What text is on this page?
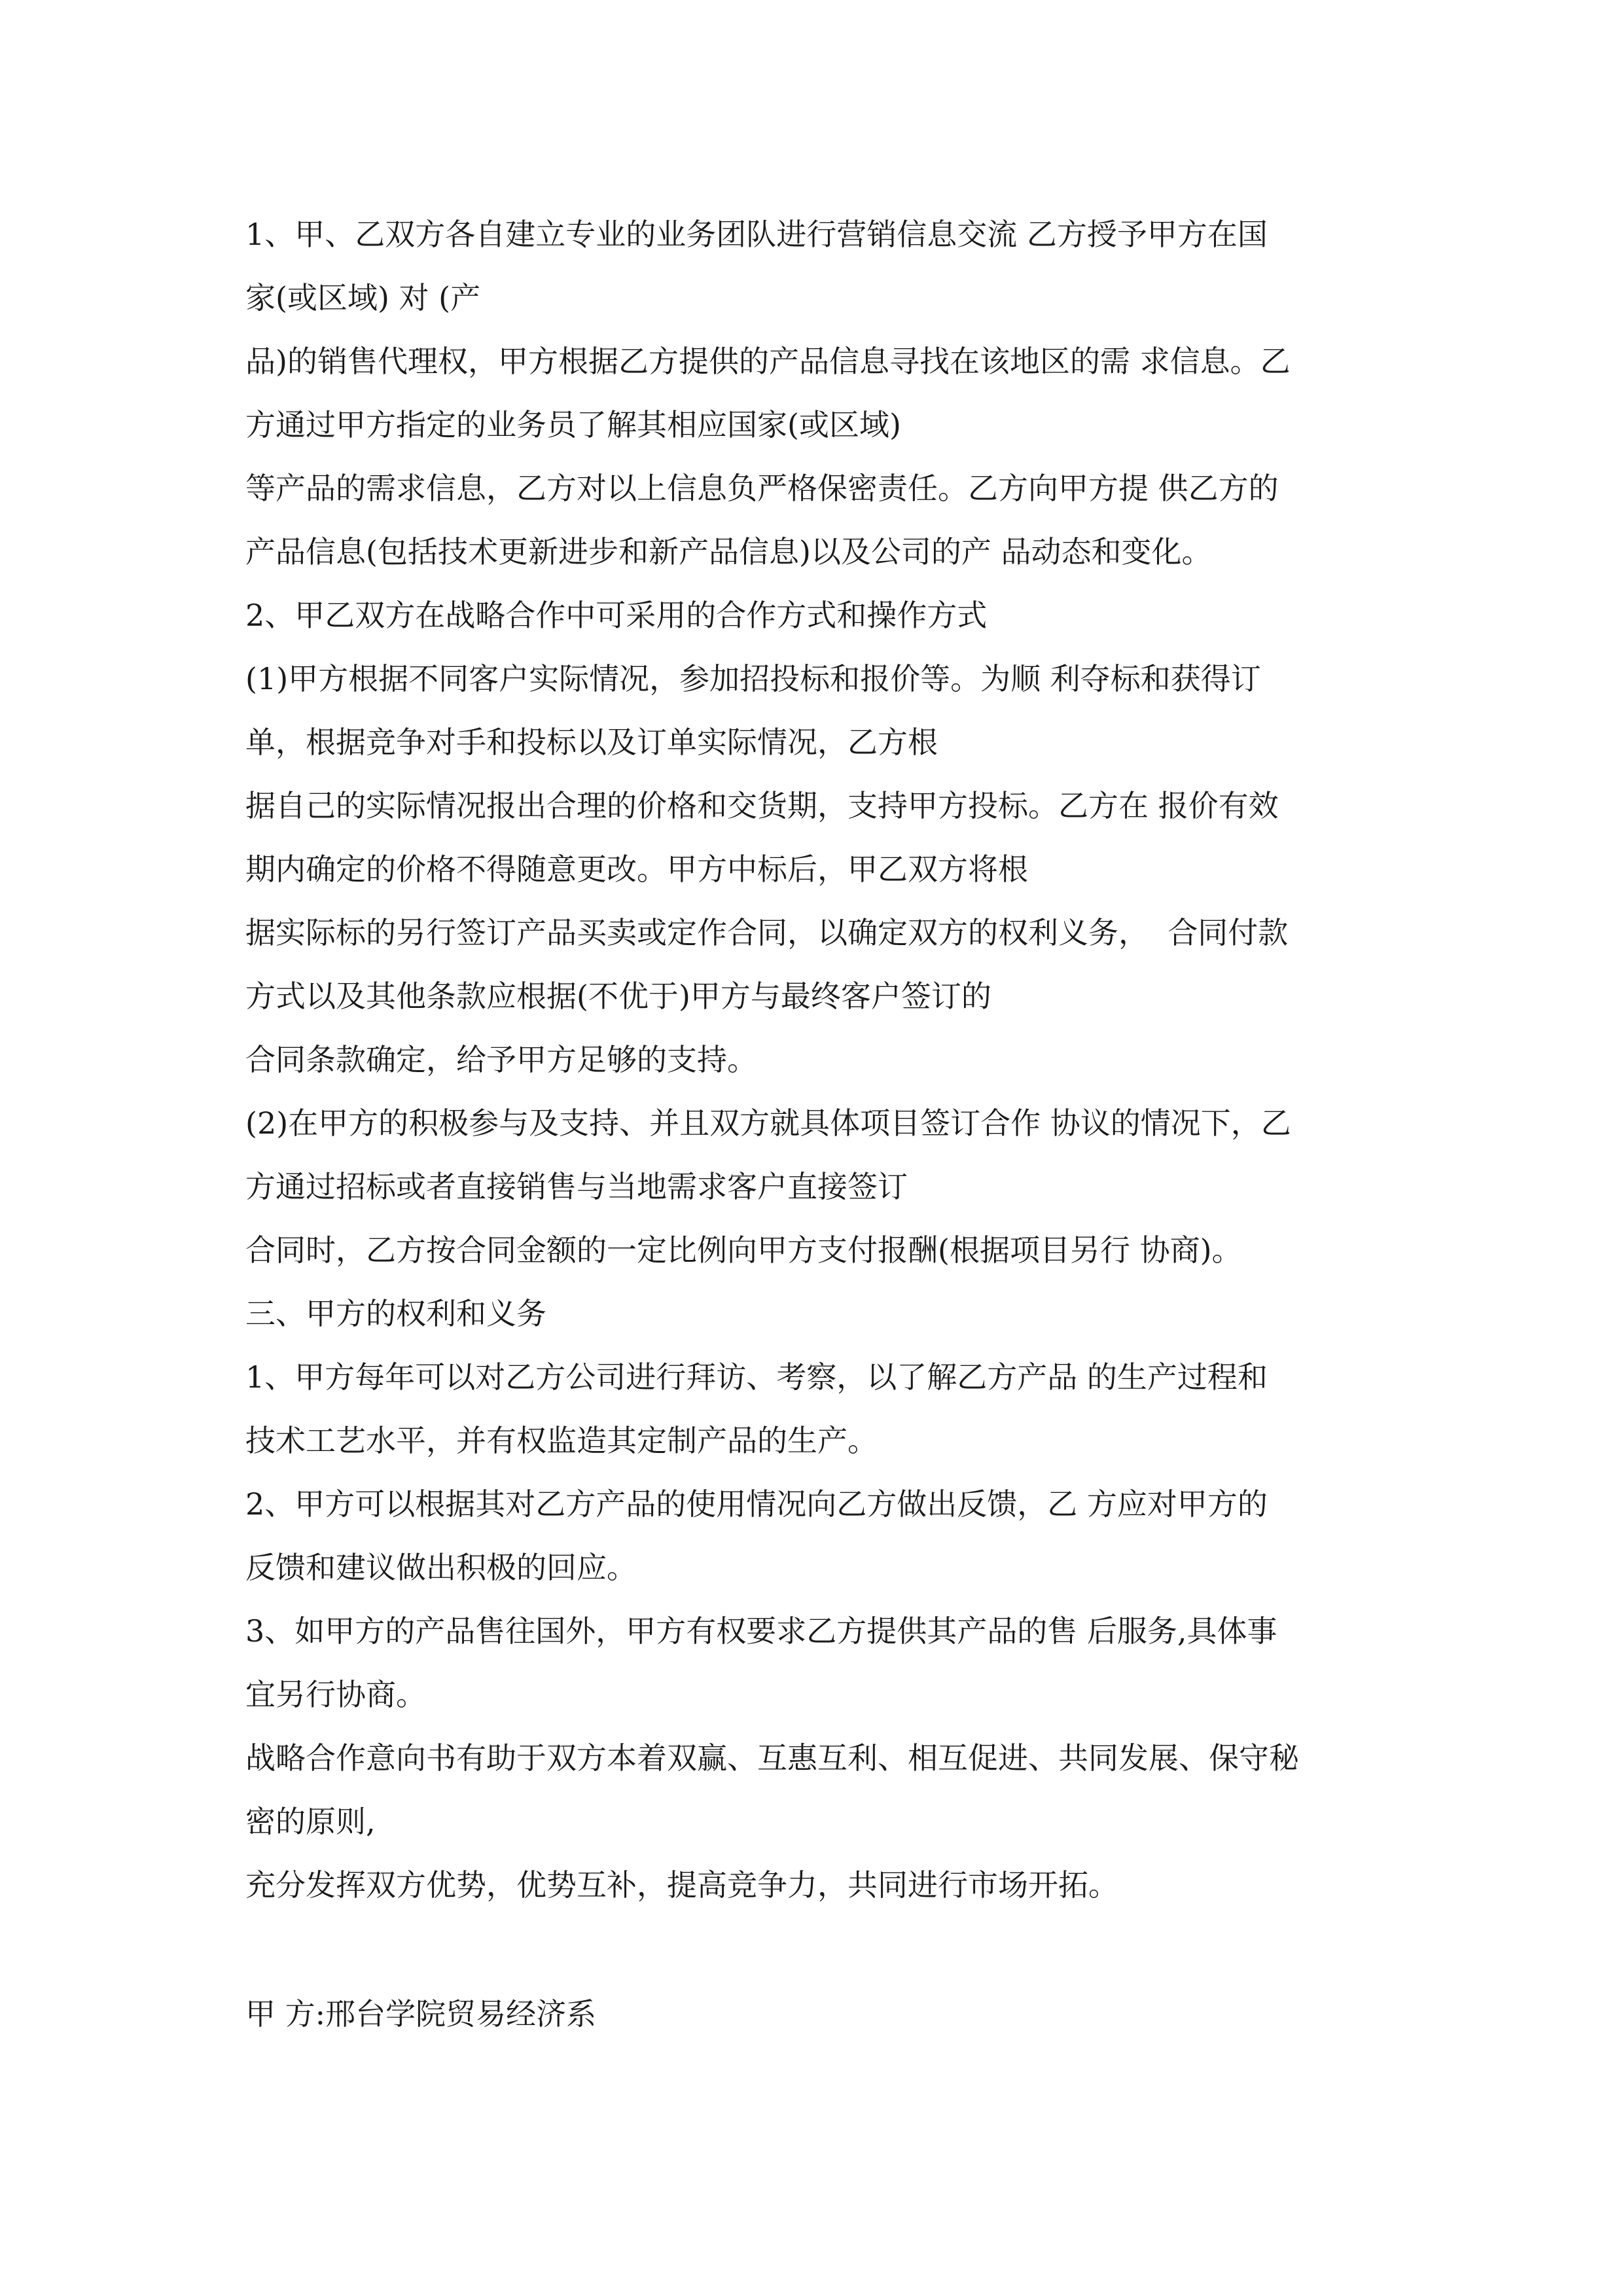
1、甲、乙双方各自建立专业的业务团队进行营销信息交流 乙方授予甲方在国
家(或区域) 对 (产
品)的销售代理权，甲方根据乙方提供的产品信息寻找在该地区的需 求信息。乙
方通过甲方指定的业务员了解其相应国家(或区域)
等产品的需求信息，乙方对以上信息负严格保密责任。乙方向甲方提 供乙方的
产品信息(包括技术更新进步和新产品信息)以及公司的产 品动态和变化。
2、甲乙双方在战略合作中可采用的合作方式和操作方式
(1)甲方根据不同客户实际情况，参加招投标和报价等。为顺 利夺标和获得订
单，根据竞争对手和投标以及订单实际情况，乙方根
据自己的实际情况报出合理的价格和交货期，支持甲方投标。乙方在 报价有效
期内确定的价格不得随意更改。甲方中标后，甲乙双方将根
据实际标的另行签订产品买卖或定作合同，以确定双方的权利义务，  合同付款
方式以及其他条款应根据(不优于)甲方与最终客户签订的
合同条款确定，给予甲方足够的支持。
(2)在甲方的积极参与及支持、并且双方就具体项目签订合作 协议的情况下，乙
方通过招标或者直接销售与当地需求客户直接签订
合同时，乙方按合同金额的一定比例向甲方支付报酬(根据项目另行 协商)。
三、甲方的权利和义务
1、甲方每年可以对乙方公司进行拜访、考察，以了解乙方产品 的生产过程和
技术工艺水平，并有权监造其定制产品的生产。
2、甲方可以根据其对乙方产品的使用情况向乙方做出反馈，乙 方应对甲方的
反馈和建议做出积极的回应。
3、如甲方的产品售往国外，甲方有权要求乙方提供其产品的售 后服务,具体事
宜另行协商。
战略合作意向书有助于双方本着双赢、互惠互利、相互促进、共同发展、保守秘
密的原则,
充分发挥双方优势，优势互补，提高竞争力，共同进行市场开拓。
甲 方:邢台学院贸易经济系
